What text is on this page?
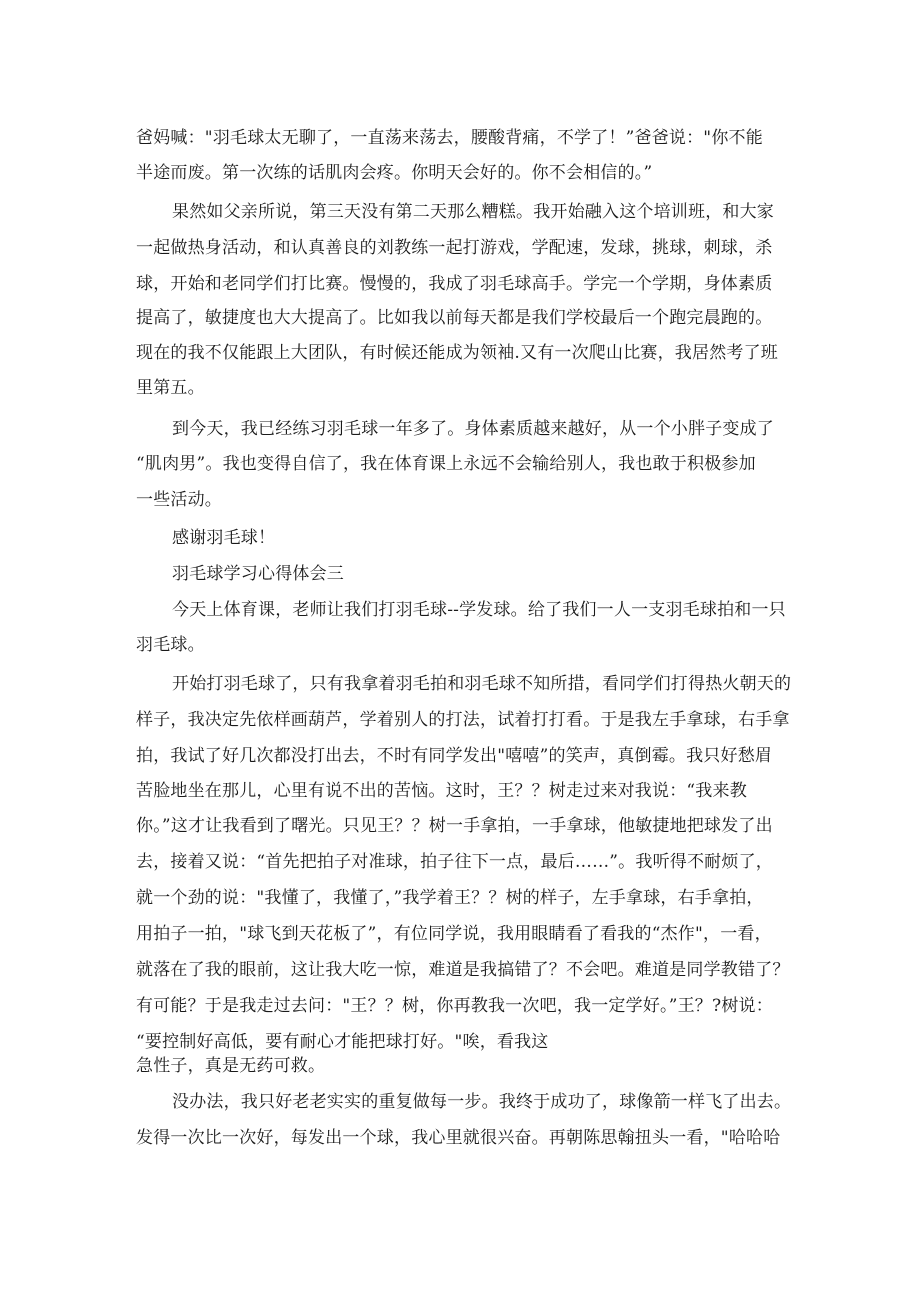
爸妈喊："羽毛球太无聊了，一直荡来荡去，腰酸背痛，不学了！”爸爸说："你不能
半途而废。第一次练的话肌肉会疼。你明天会好的。你不会相信的。”
果然如父亲所说，第三天没有第二天那么糟糕。我开始融入这个培训班，和大家
一起做热身活动，和认真善良的刘教练一起打游戏，学配速，发球，挑球，刺球，杀
球，开始和老同学们打比赛。慢慢的，我成了羽毛球高手。学完一个学期，身体素质
提高了，敏捷度也大大提高了。比如我以前每天都是我们学校最后一个跑完晨跑的。
现在的我不仅能跟上大团队，有时候还能成为领袖.又有一次爬山比赛，我居然考了班
里第五。
到今天，我已经练习羽毛球一年多了。身体素质越来越好，从一个小胖子变成了
“肌肉男”。我也变得自信了，我在体育课上永远不会输给别人，我也敢于积极参加
一些活动。
感谢羽毛球！
羽毛球学习心得体会三
今天上体育课，老师让我们打羽毛球--学发球。给了我们一人一支羽毛球拍和一只
羽毛球。
开始打羽毛球了，只有我拿着羽毛拍和羽毛球不知所措，看同学们打得热火朝天的
样子，我决定先依样画葫芦，学着别人的打法，试着打打看。于是我左手拿球，右手拿
拍，我试了好几次都没打出去，不时有同学发出"嘻嘻”的笑声，真倒霉。我只好愁眉
苦脸地坐在那儿，心里有说不出的苦恼。这时，王？？树走过来对我说：“我来教
你。”这才让我看到了曙光。只见王？？树一手拿拍，一手拿球，他敏捷地把球发了出
去，接着又说：“首先把拍子对准球，拍子往下一点，最后……”。我听得不耐烦了，
就一个劲的说："我懂了，我懂了，”我学着王？？树的样子，左手拿球，右手拿拍，
用拍子一拍，"球飞到天花板了”，有位同学说，我用眼睛看了看我的“杰作"，一看，
就落在了我的眼前，这让我大吃一惊，难道是我搞错了？不会吧。难道是同学教错了？
有可能？于是我走过去问："王？？树，你再教我一次吧，我一定学好。”王？?树说：
“要控制好高低，要有耐心才能把球打好。"唉，看我这
急性子，真是无药可救。
没办法，我只好老老实实的重复做每一步。我终于成功了，球像箭一样飞了出去。
发得一次比一次好，每发出一个球，我心里就很兴奋。再朝陈思翰扭头一看，"哈哈哈
